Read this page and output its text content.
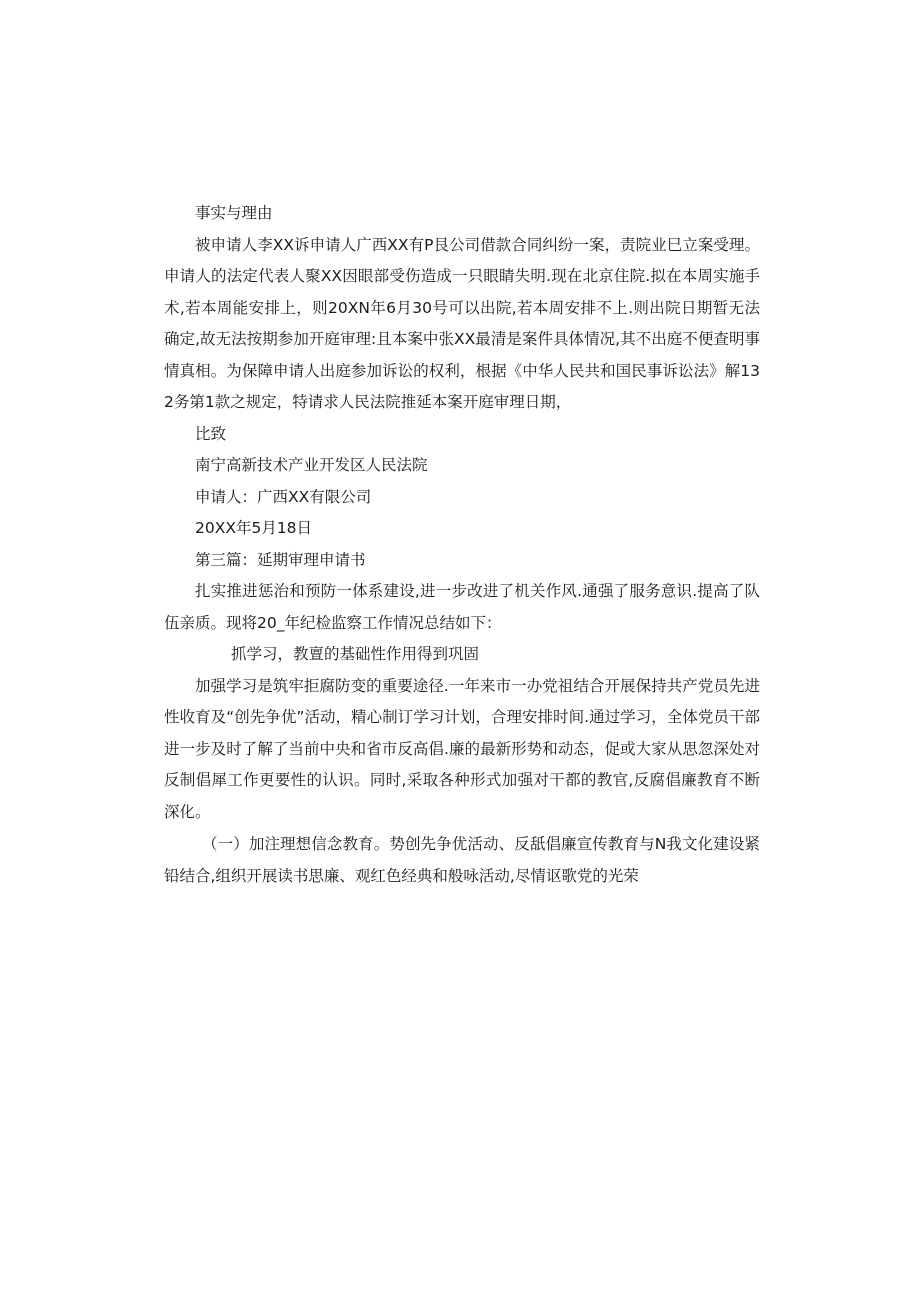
事实与理由

被申请人李XX诉申请人广西XX有P艮公司借款合同纠纷一案，责院业巳立案受理。申请人的法定代表人聚XX因眼部受伤造成一只眼睛失明.现在北京住院.拟在本周实施手术,若本周能安排上，则20XN年6月30号可以出院,若本周安排不上.则出院日期暂无法确定,故无法按期参加开庭审理:且本案中张XX最清是案件具体情况,其不出庭不便查明事情真相。为保障申请人出庭参加诉讼的权利，根据《中华人民共和国民事诉讼法》解132务第1款之规定，特请求人民法院推延本案开庭审理日期，

比致

南宁高新技术产业开发区人民法院

申请人：广西XX有限公司

20XX年5月18日

第三篇：延期审理申请书

扎实推进惩治和预防一体系建设,进一步改进了机关作风.通强了服务意识.提高了队伍亲质。现将20_年纪检监察工作情况总结如下：

抓学习，教亶的基础性作用得到巩固

加强学习是筑牢拒腐防变的重要途径.一年来市一办党祖结合开展保持共产党员先进性收育及“创先争优”活动，精心制订学习计划，合理安排时间.通过学习，全体党员干部进一步及时了解了当前中央和省市反高倡.廉的最新形势和动态，促或大家从思忽深处对反制倡犀工作更要性的认识。同时,采取各种形式加强对干都的教官,反腐倡廉教育不断深化。

（一）加注理想信念教育。势创先争优活动、反舐倡廉宣传教育与N我文化建设紧铅结合,组织开展读书思廉、观红色经典和般咏活动,尽情讴歌党的光荣
